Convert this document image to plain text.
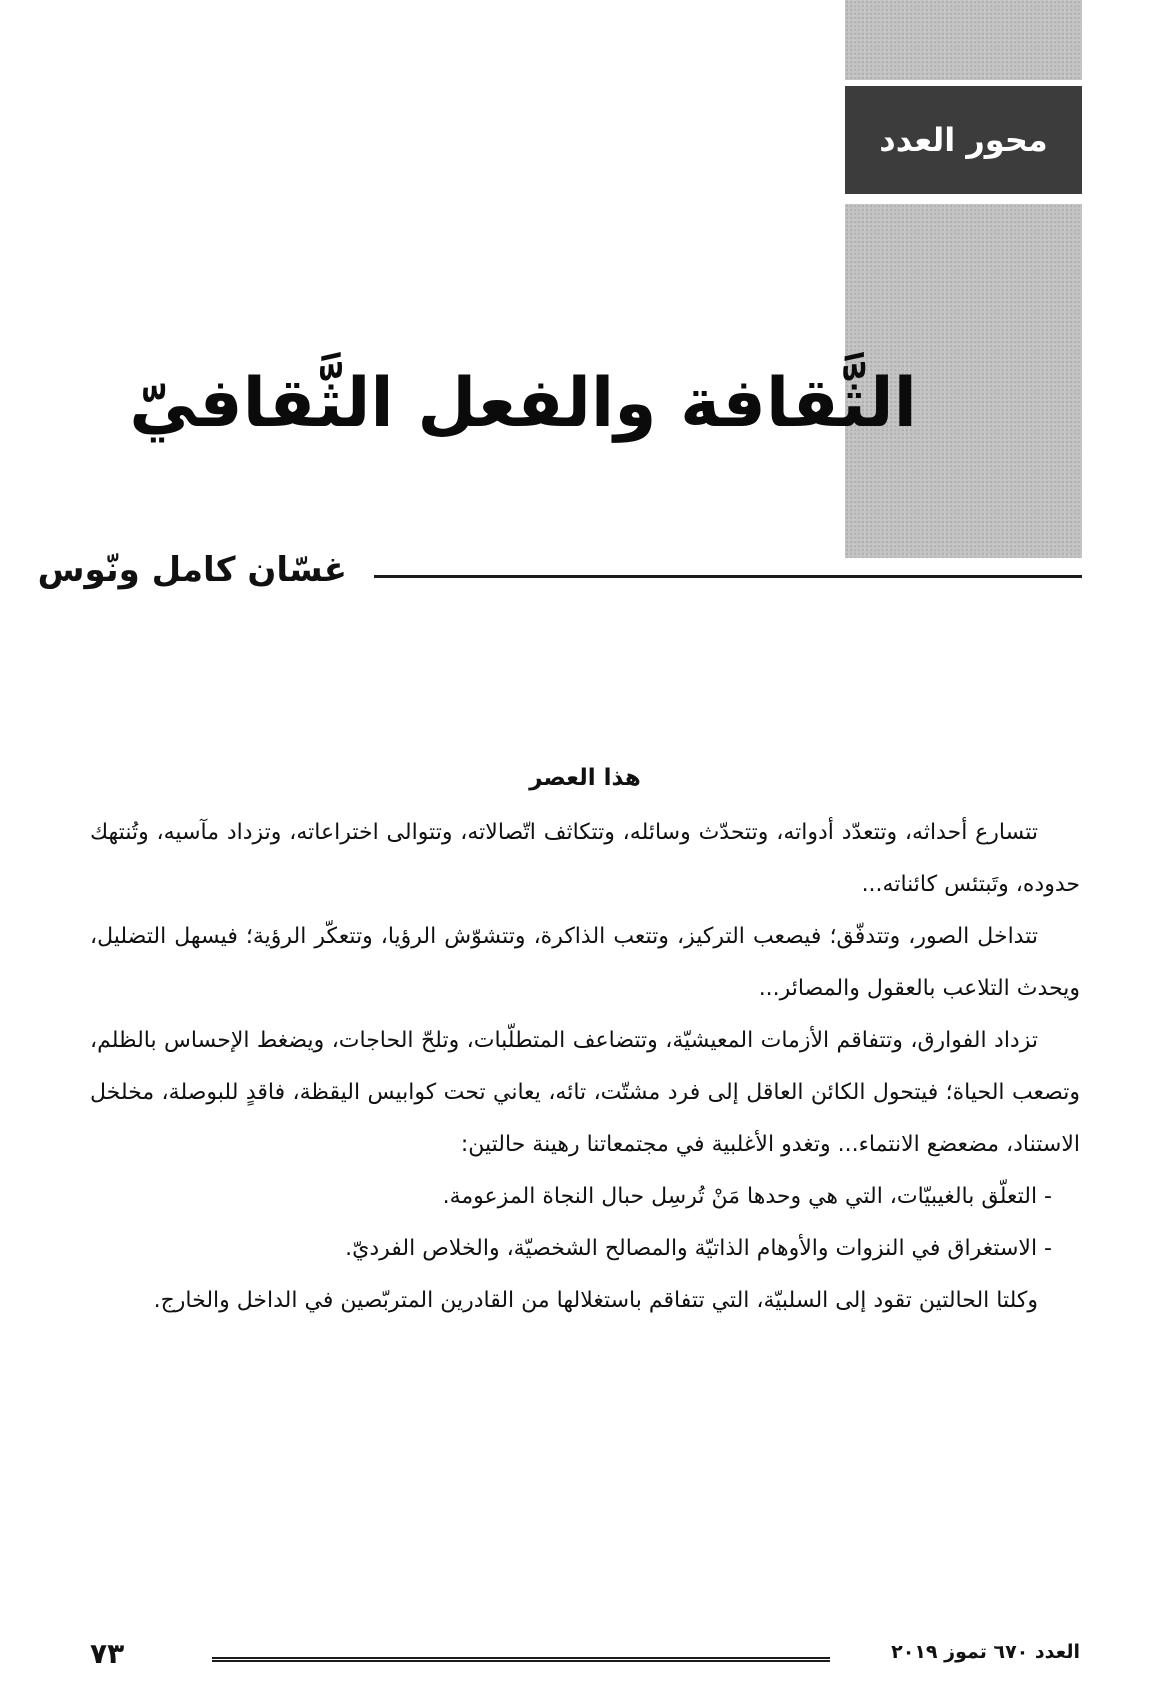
محور العدد
الثَّقافة والفعل الثَّقافيّ
غسّان كامل ونّوس
هذا العصر

تتسارع أحداثه، وتتعدّد أدواته، وتتحدّث وسائله، وتتكاثف اتّصالاته، وتتوالى اختراعاته، وتزداد مآسيه، وتُنتهك حدوده، وتَبتئس كائناته...

تتداخل الصور، وتتدفّق؛ فيصعب التركيز، وتتعب الذاكرة، وتتشوّش الرؤيا، وتتعكّر الرؤية؛ فيسهل التضليل، ويحدث التلاعب بالعقول والمصائر...

تزداد الفوارق، وتتفاقم الأزمات المعيشيّة، وتتضاعف المتطلّبات، وتلحّ الحاجات، ويضغط الإحساس بالظلم، وتصعب الحياة؛ فيتحول الكائن العاقل إلى فرد مشتّت، تائه، يعاني تحت كوابيس اليقظة، فاقدٍ للبوصلة، مخلخل الاستناد، مضعضع الانتماء... وتغدو الأغلبية في مجتمعاتنا رهينة حالتين:

- التعلّق بالغيبيّات، التي هي وحدها مَنْ تُرسِل حبال النجاة المزعومة.

- الاستغراق في النزوات والأوهام الذاتيّة والمصالح الشخصيّة، والخلاص الفرديّ.

وكلتا الحالتين تقود إلى السلبيّة، التي تتفاقم باستغلالها من القادرين المتربّصين في الداخل والخارج.

العدد ٦٧٠ تموز ٢٠١٩
٧٣
